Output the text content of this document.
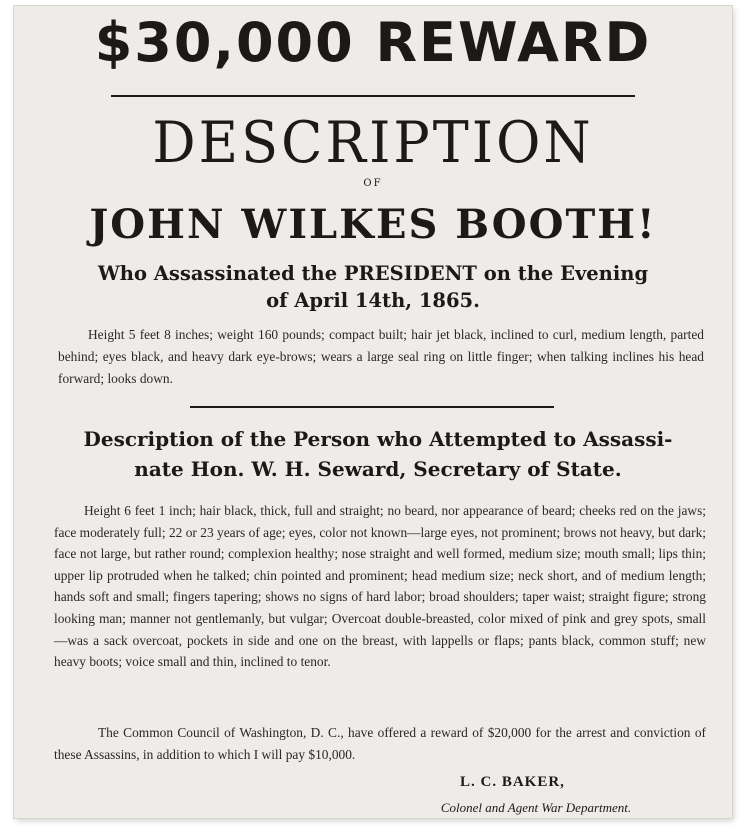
$30,000 REWARD
DESCRIPTION
OF
JOHN WILKES BOOTH!
Who Assassinated the PRESIDENT on the Evening
of April 14th, 1865.

Height 5 feet 8 inches; weight 160 pounds; compact built; hair jet black, inclined to curl, medium length, parted behind; eyes black, and heavy dark eye-brows; wears a large seal ring on little finger; when talking inclines his head forward; looks down.

Description of the Person who Attempted to Assassi-
nate Hon. W. H. Seward, Secretary of State.

Height 6 feet 1 inch; hair black, thick, full and straight; no beard, nor appearance of beard; cheeks red on the jaws; face moderately full; 22 or 23 years of age; eyes, color not known—large eyes, not prominent; brows not heavy, but dark; face not large, but rather round; complexion healthy; nose straight and well formed, medium size; mouth small; lips thin; upper lip protruded when he talked; chin pointed and prominent; head medium size; neck short, and of medium length; hands soft and small; fingers tapering; shows no signs of hard labor; broad shoulders; taper waist; straight figure; strong looking man; manner not gentlemanly, but vulgar; Overcoat double-breasted, color mixed of pink and grey spots, small —was a sack overcoat, pockets in side and one on the breast, with lappells or flaps; pants black, common stuff; new heavy boots; voice small and thin, inclined to tenor.

The Common Council of Washington, D. C., have offered a reward of $20,000 for the arrest and conviction of these Assassins, in addition to which I will pay $10,000.

L. C. BAKER,
Colonel and Agent War Department.
